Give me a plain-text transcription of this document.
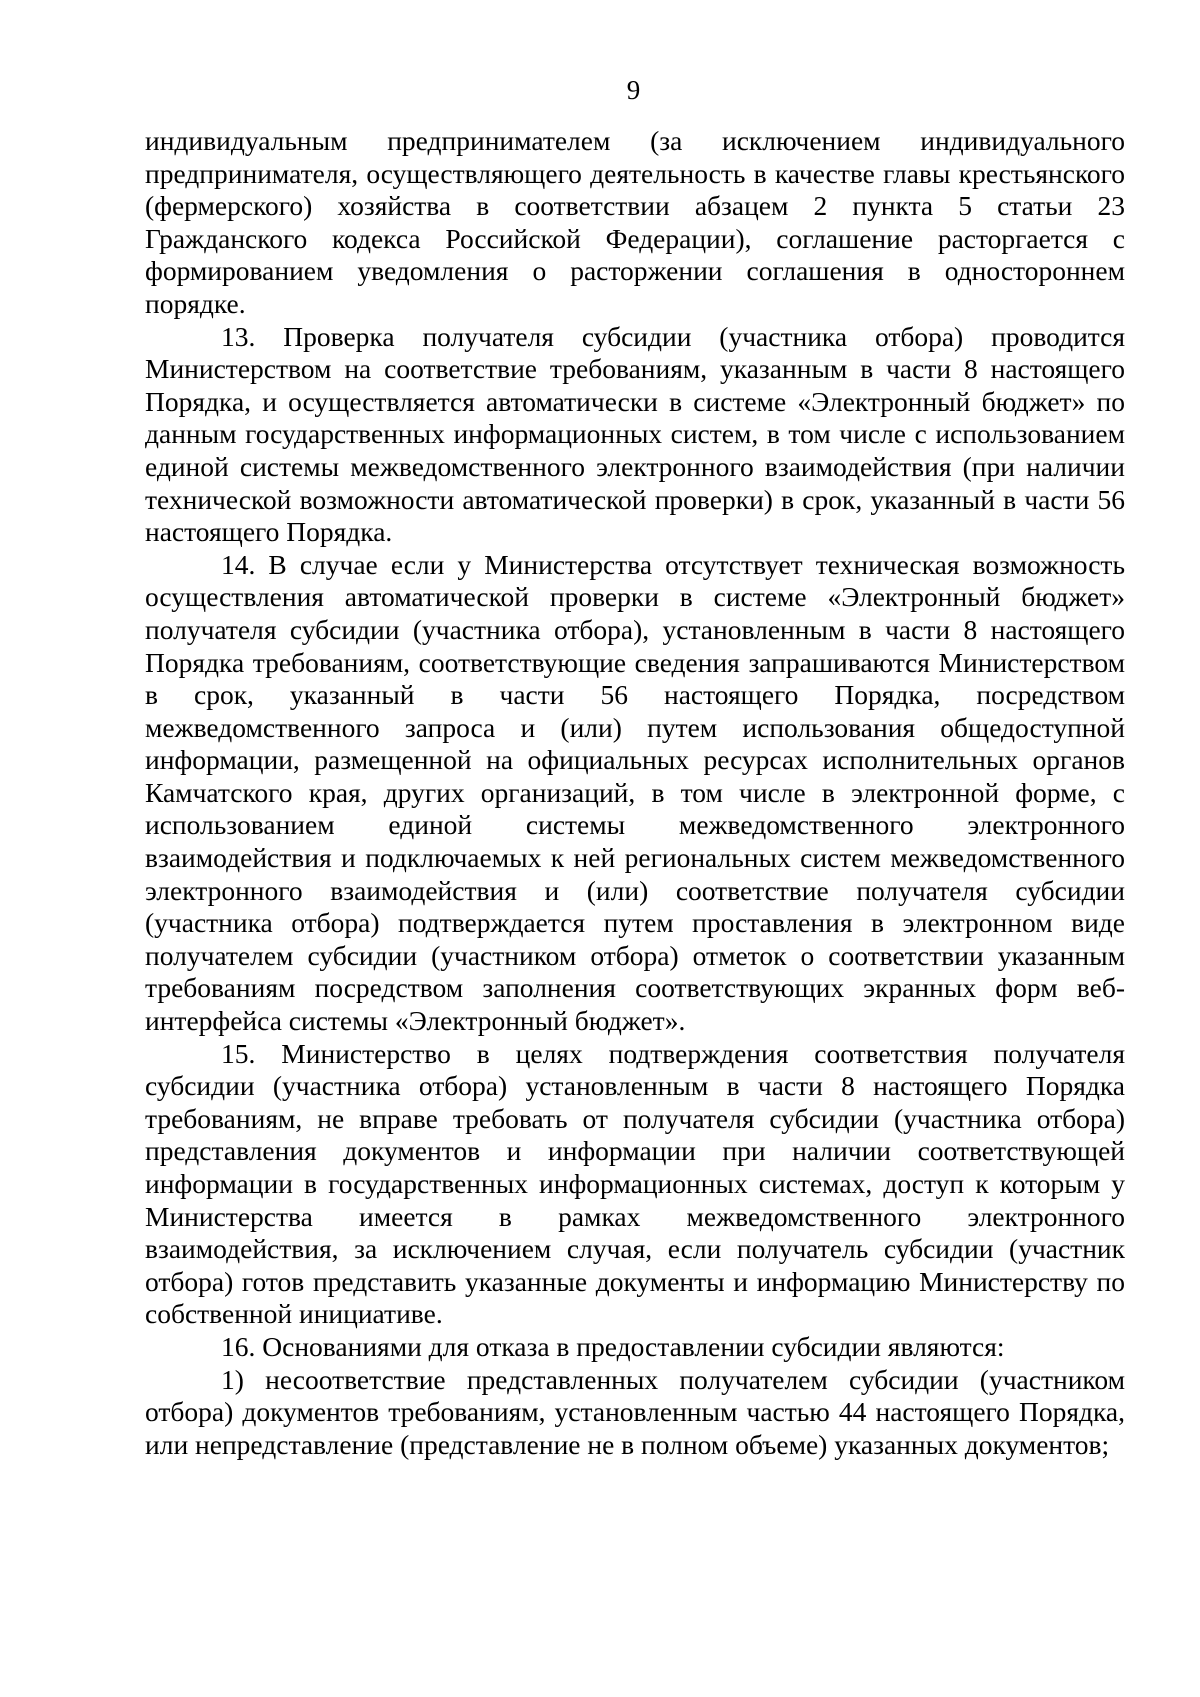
9

индивидуальным предпринимателем (за исключением индивидуального предпринимателя, осуществляющего деятельность в качестве главы крестьянского (фермерского) хозяйства в соответствии абзацем 2 пункта 5 статьи 23 Гражданского кодекса Российской Федерации), соглашение расторгается с формированием уведомления о расторжении соглашения в одностороннем порядке.

13. Проверка получателя субсидии (участника отбора) проводится Министерством на соответствие требованиям, указанным в части 8 настоящего Порядка, и осуществляется автоматически в системе «Электронный бюджет» по данным государственных информационных систем, в том числе с использованием единой системы межведомственного электронного взаимодействия (при наличии технической возможности автоматической проверки) в срок, указанный в части 56 настоящего Порядка.

14. В случае если у Министерства отсутствует техническая возможность осуществления автоматической проверки в системе «Электронный бюджет» получателя субсидии (участника отбора), установленным в части 8 настоящего Порядка требованиям, соответствующие сведения запрашиваются Министерством в срок, указанный в части 56 настоящего Порядка, посредством межведомственного запроса и (или) путем использования общедоступной информации, размещенной на официальных ресурсах исполнительных органов Камчатского края, других организаций, в том числе в электронной форме, с использованием единой системы межведомственного электронного взаимодействия и подключаемых к ней региональных систем межведомственного электронного взаимодействия и (или) соответствие получателя субсидии (участника отбора) подтверждается путем проставления в электронном виде получателем субсидии (участником отбора) отметок о соответствии указанным требованиям посредством заполнения соответствующих экранных форм веб-интерфейса системы «Электронный бюджет».

15. Министерство в целях подтверждения соответствия получателя субсидии (участника отбора) установленным в части 8 настоящего Порядка требованиям, не вправе требовать от получателя субсидии (участника отбора) представления документов и информации при наличии соответствующей информации в государственных информационных системах, доступ к которым у Министерства имеется в рамках межведомственного электронного взаимодействия, за исключением случая, если получатель субсидии (участник отбора) готов представить указанные документы и информацию Министерству по собственной инициативе.

16. Основаниями для отказа в предоставлении субсидии являются:

1) несоответствие представленных получателем субсидии (участником отбора) документов требованиям, установленным частью 44 настоящего Порядка, или непредставление (представление не в полном объеме) указанных документов;
